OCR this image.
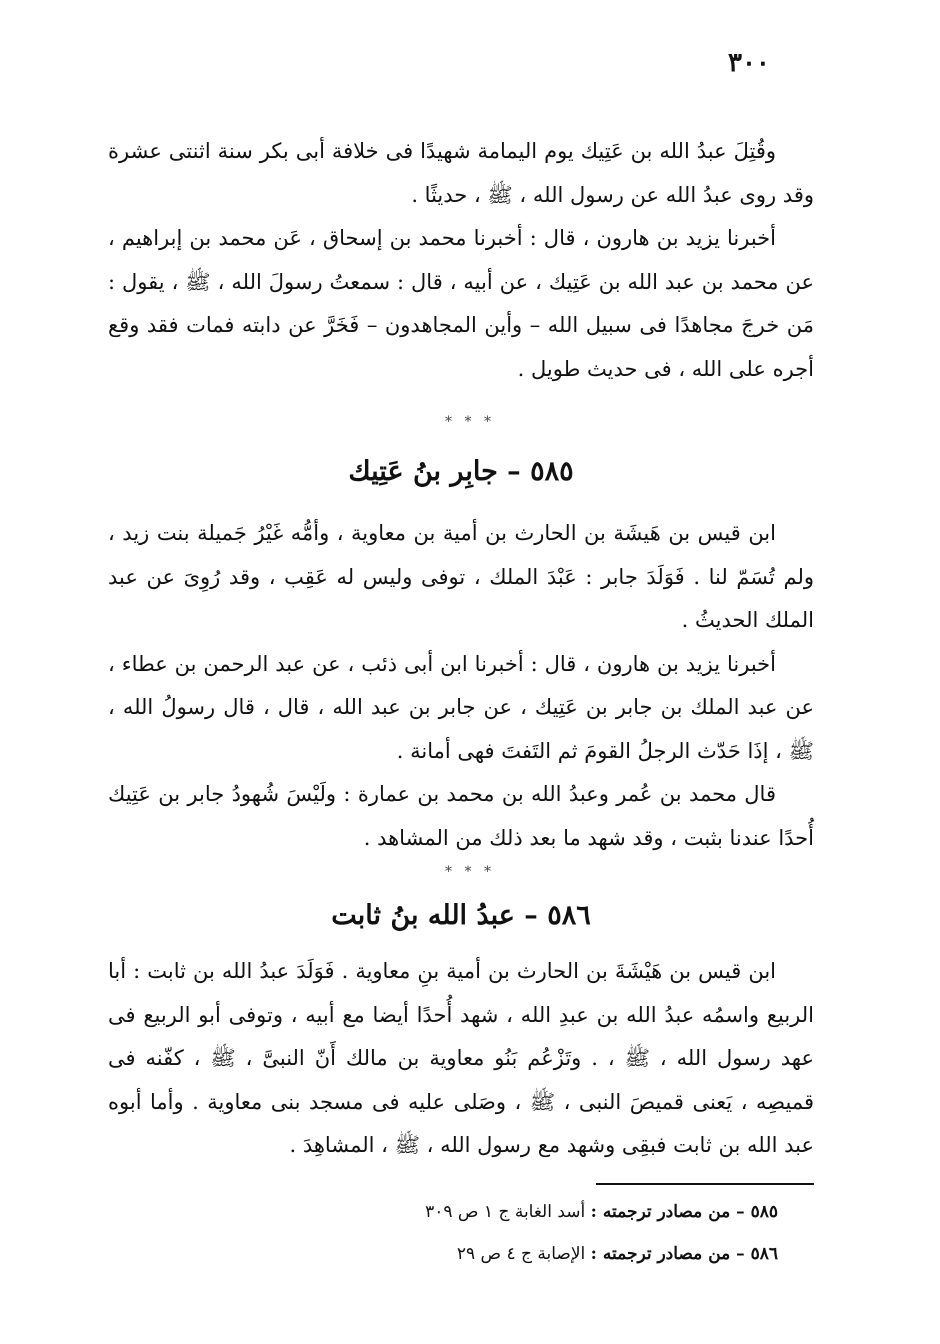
٣٠٠

وقُتِلَ عبدُ الله بن عَتِيك يوم اليمامة شهيدًا فى خلافة أبى بكر سنة اثنتى عشرة وقد روى عبدُ الله عن رسول الله ، ﷺ ، حديثًا .

أخبرنا يزيد بن هارون ، قال : أخبرنا محمد بن إسحاق ، عَن محمد بن إبراهيم ، عن محمد بن عبد الله بن عَتِيك ، عن أبيه ، قال : سمعتُ رسولَ الله ، ﷺ ، يقول : مَن خرجَ مجاهدًا فى سبيل الله – وأين المجاهدون – فَخَرَّ عن دابته فمات فقد وقع أجره على الله ، فى حديث طويل .

* * *
٥٨٥ – جابِر بنُ عَتِيك

ابن قيس بن هَيشَة بن الحارث بن أمية بن معاوية ، وأمُّه غَيْرُ جَميلة بنت زيد ، ولم تُسَمّ لنا . فَوَلَدَ جابر : عَبْدَ الملك ، توفى وليس له عَقِب ، وقد رُوِىَ عن عبد الملك الحديثُ .

أخبرنا يزيد بن هارون ، قال : أخبرنا ابن أبى ذئب ، عن عبد الرحمن بن عطاء ، عن عبد الملك بن جابر بن عَتِيك ، عن جابر بن عبد الله ، قال ، قال رسولُ الله ، ﷺ ، إذَا حَدّث الرجلُ القومَ ثم التَفتَ فهى أمانة .

قال محمد بن عُمر وعبدُ الله بن محمد بن عمارة : ولَيْسَ شُهودُ جابر بن عَتِيك أُحدًا عندنا بثبت ، وقد شهد ما بعد ذلك من المشاهد .

* * *
٥٨٦ – عبدُ الله بنُ ثابت

ابن قيس بن هَيْشَةَ بن الحارث بن أمية بنِ معاوية . فَوَلَدَ عبدُ الله بن ثابت : أبا الربيع واسمُه عبدُ الله بن عبدِ الله ، شهد أُحدًا أيضا مع أبيه ، وتوفى أبو الربيع فى عهد رسول الله ، ﷺ ، . وتَزْعُم بَنُو معاوية بن مالك أَنّ النبىَّ ، ﷺ ، كفّنه فى قميصِه ، يَعنى قميصَ النبى ، ﷺ ، وصَلى عليه فى مسجد بنى معاوية . وأما أبوه عبد الله بن ثابت فبقِى وشهد مع رسول الله ، ﷺ ، المشاهِدَ .

٥٨٥ – من مصادر ترجمته : أسد الغابة ج ١ ص ٣٠٩
٥٨٦ – من مصادر ترجمته : الإصابة ج ٤ ص ٢٩
